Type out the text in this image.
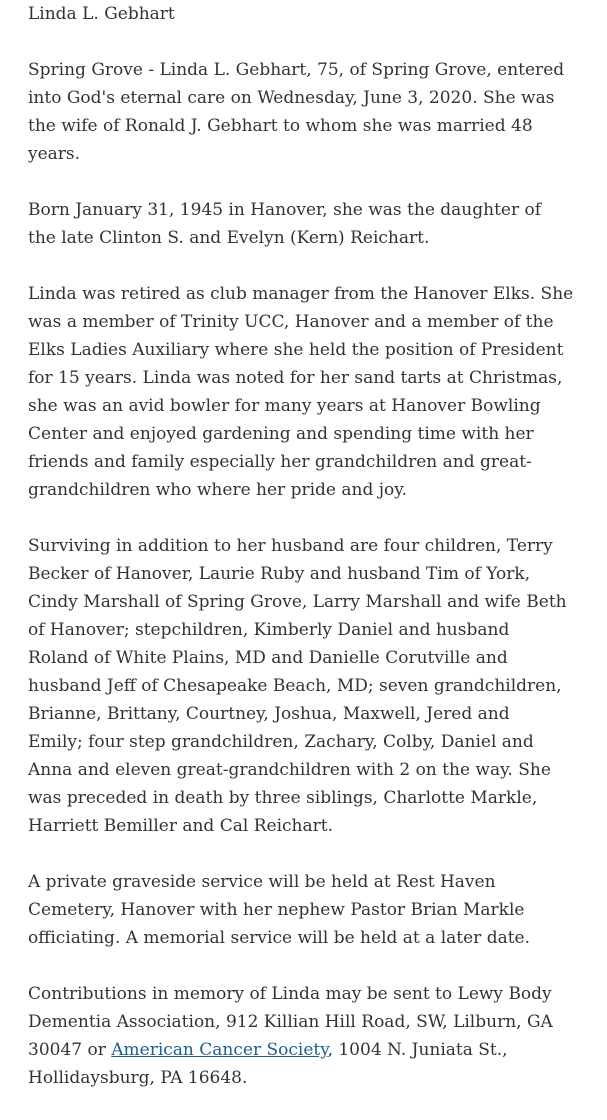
Linda L. Gebhart

Spring Grove - Linda L. Gebhart, 75, of Spring Grove, entered
into God's eternal care on Wednesday, June 3, 2020. She was
the wife of Ronald J. Gebhart to whom she was married 48
years.

Born January 31, 1945 in Hanover, she was the daughter of
the late Clinton S. and Evelyn (Kern) Reichart.

Linda was retired as club manager from the Hanover Elks. She
was a member of Trinity UCC, Hanover and a member of the
Elks Ladies Auxiliary where she held the position of President
for 15 years. Linda was noted for her sand tarts at Christmas,
she was an avid bowler for many years at Hanover Bowling
Center and enjoyed gardening and spending time with her
friends and family especially her grandchildren and great-
grandchildren who where her pride and joy.

Surviving in addition to her husband are four children, Terry
Becker of Hanover, Laurie Ruby and husband Tim of York,
Cindy Marshall of Spring Grove, Larry Marshall and wife Beth
of Hanover; stepchildren, Kimberly Daniel and husband
Roland of White Plains, MD and Danielle Corutville and
husband Jeff of Chesapeake Beach, MD; seven grandchildren,
Brianne, Brittany, Courtney, Joshua, Maxwell, Jered and
Emily; four step grandchildren, Zachary, Colby, Daniel and
Anna and eleven great-grandchildren with 2 on the way. She
was preceded in death by three siblings, Charlotte Markle,
Harriett Bemiller and Cal Reichart.

A private graveside service will be held at Rest Haven
Cemetery, Hanover with her nephew Pastor Brian Markle
officiating. A memorial service will be held at a later date.

Contributions in memory of Linda may be sent to Lewy Body
Dementia Association, 912 Killian Hill Road, SW, Lilburn, GA
30047 or American Cancer Society, 1004 N. Juniata St.,
Hollidaysburg, PA 16648.
